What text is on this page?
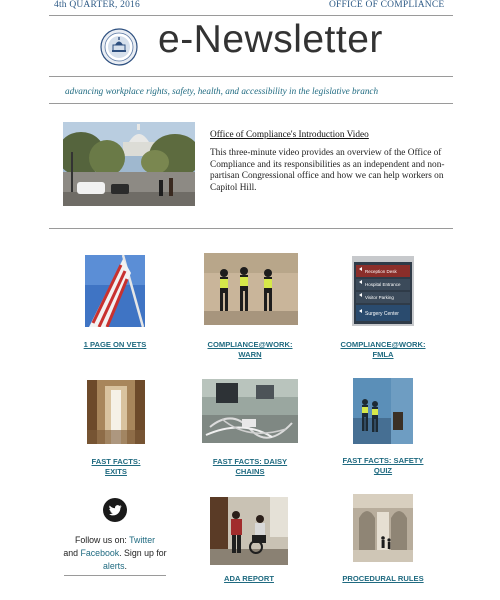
4th QUARTER, 2016	OFFICE OF COMPLIANCE
e-Newsletter
advancing workplace rights, safety, health, and accessibility in the legislative branch
Office of Compliance's Introduction Video
This three-minute video provides an overview of the Office of Compliance and its responsibilities as an independent and non-partisan Congressional office and how we can help workers on Capitol Hill.
1 PAGE ON VETS	COMPLIANCE@WORK:
WARN
Reception Desk
Hospital Entrance
Visitor Parking
Surgery Center
COMPLIANCE@WORK:
FMLA
FAST FACTS:
EXITS
FAST FACTS: DAISY
CHAINS
FAST FACTS: SAFETY
QUIZ
Follow us on: Twitter
and Facebook. Sign up for alerts.
ADA REPORT	PROCEDURAL RULES
